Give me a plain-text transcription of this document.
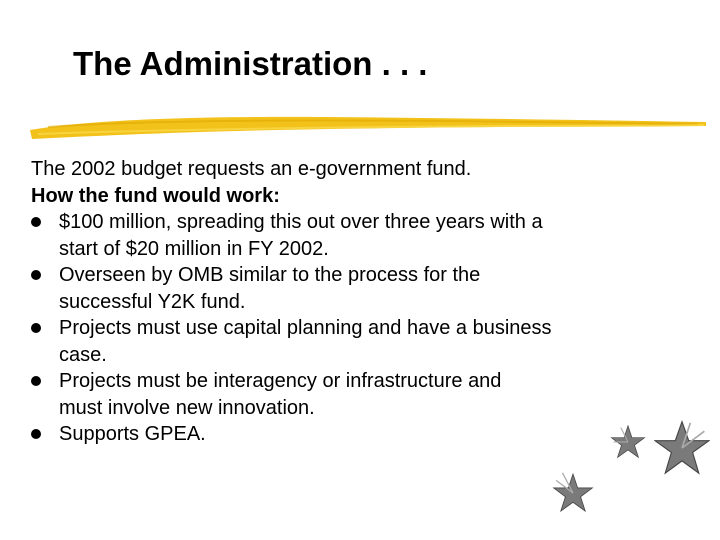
The Administration . . .
The 2002 budget requests an e-government fund.
How the fund would work:
$100 million, spreading this out over three years with a
start of $20 million in FY 2002.
Overseen by OMB similar to the process for the
successful Y2K fund.
Projects must use capital planning and have a business
case.
Projects must be interagency or infrastructure and
must involve new innovation.
Supports GPEA.
